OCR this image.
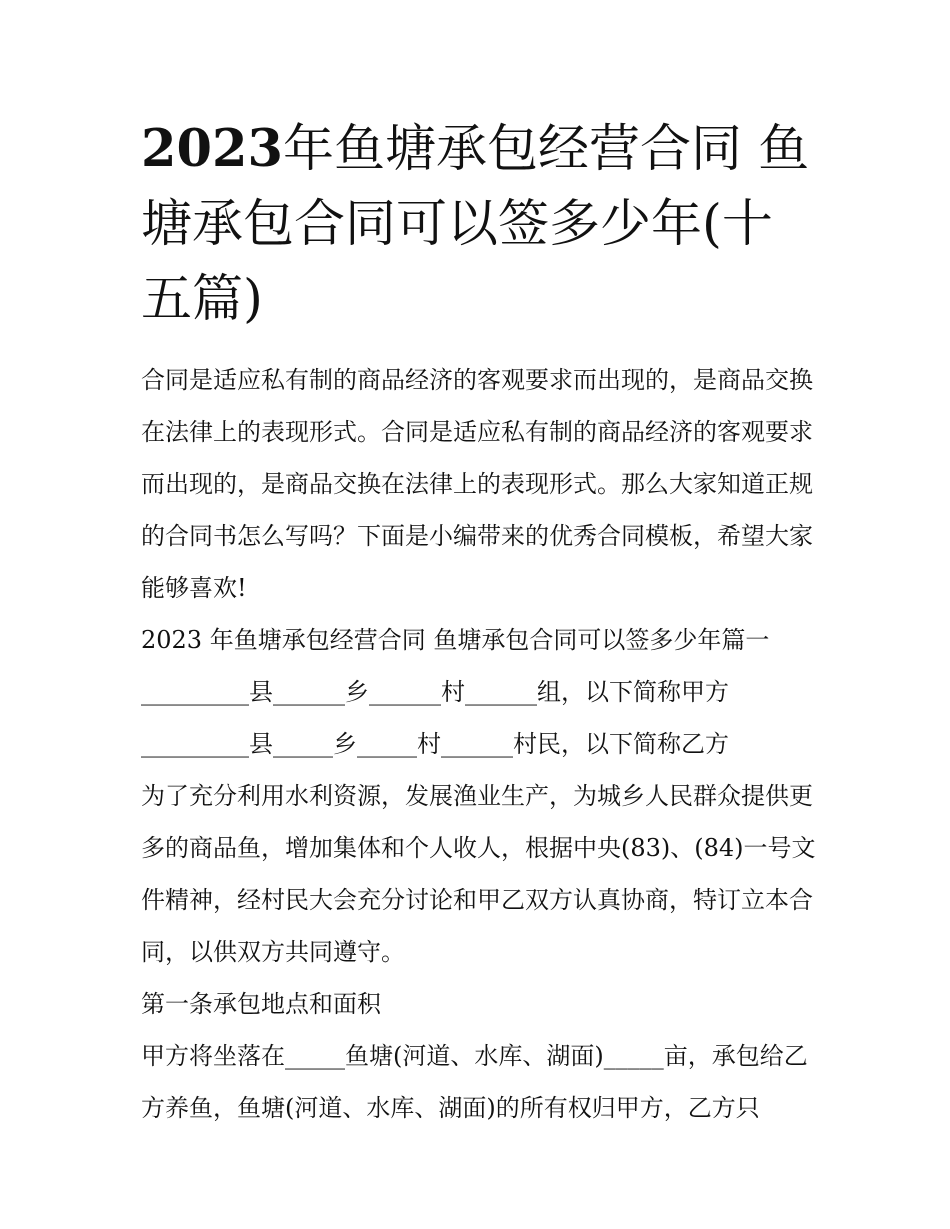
2023年鱼塘承包经营合同 鱼塘承包合同可以签多少年(十五篇)

合同是适应私有制的商品经济的客观要求而出现的，是商品交换在法律上的表现形式。合同是适应私有制的商品经济的客观要求而出现的，是商品交换在法律上的表现形式。那么大家知道正规的合同书怎么写吗？下面是小编带来的优秀合同模板，希望大家能够喜欢!

2023 年鱼塘承包经营合同 鱼塘承包合同可以签多少年篇一

_________县______乡______村______组，以下简称甲方

_________县_____乡_____村______村民，以下简称乙方

为了充分利用水利资源，发展渔业生产，为城乡人民群众提供更多的商品鱼，增加集体和个人收人，根据中央(83)、(84)一号文件精神，经村民大会充分讨论和甲乙双方认真协商，特订立本合同，以供双方共同遵守。

第一条承包地点和面积

甲方将坐落在_____鱼塘(河道、水库、湖面)_____亩，承包给乙方养鱼，鱼塘(河道、水库、湖面)的所有权归甲方，乙方只
